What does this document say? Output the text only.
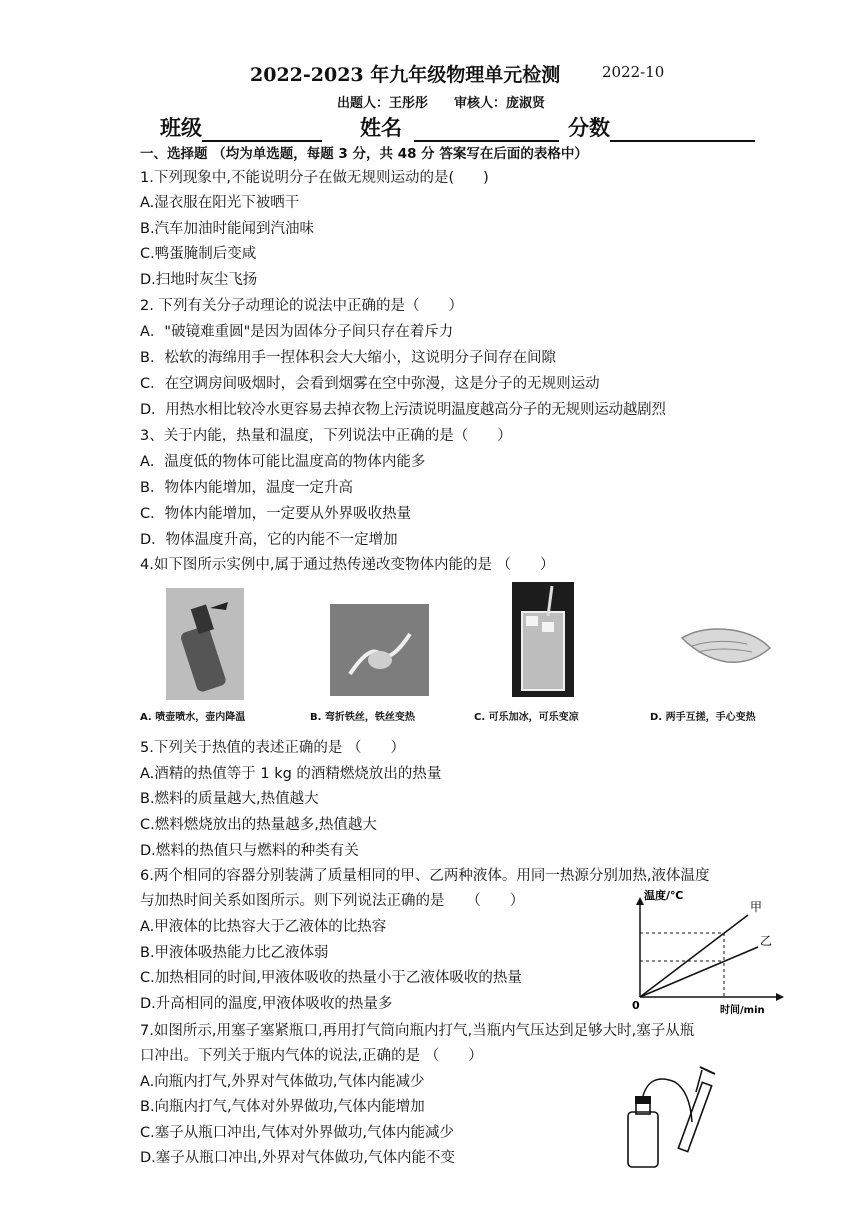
2022-2023 年九年级物理单元检测	2022-10
出题人：王彤彤　　审核人：庞淑贤
班级	姓名	分数
一、选择题 （均为单选题，每题 3 分，共 48 分 答案写在后面的表格中）
1.下列现象中,不能说明分子在做无规则运动的是(　　)
A.湿衣服在阳光下被晒干
B.汽车加油时能闻到汽油味
C.鸭蛋腌制后变咸
D.扫地时灰尘飞扬
2. 下列有关分子动理论的说法中正确的是（　　）
A．"破镜难重圆"是因为固体分子间只存在着斥力
B．松软的海绵用手一捏体积会大大缩小，这说明分子间存在间隙
C．在空调房间吸烟时，会看到烟雾在空中弥漫，这是分子的无规则运动
D．用热水相比较冷水更容易去掉衣物上污渍说明温度越高分子的无规则运动越剧烈
3、关于内能，热量和温度，下列说法中正确的是（　　）
A．温度低的物体可能比温度高的物体内能多
B．物体内能增加，温度一定升高
C．物体内能增加，一定要从外界吸收热量
D．物体温度升高，它的内能不一定增加
4.如下图所示实例中,属于通过热传递改变物体内能的是 （　　）
A. 喷壶喷水，壶内降温	B. 弯折铁丝，铁丝变热	C. 可乐加冰，可乐变凉	D. 两手互搓，手心变热
5.下列关于热值的表述正确的是 （　　）
A.酒精的热值等于 1 kg 的酒精燃烧放出的热量
B.燃料的质量越大,热值越大
C.燃料燃烧放出的热量越多,热值越大
D.燃料的热值只与燃料的种类有关
6.两个相同的容器分别装满了质量相同的甲、乙两种液体。用同一热源分别加热,液体温度
与加热时间关系如图所示。则下列说法正确的是　　（　　）
A.甲液体的比热容大于乙液体的比热容
B.甲液体吸热能力比乙液体弱
C.加热相同的时间,甲液体吸收的热量小于乙液体吸收的热量
D.升高相同的温度,甲液体吸收的热量多
温度/℃
时间/min
0
甲
乙
7.如图所示,用塞子塞紧瓶口,再用打气筒向瓶内打气,当瓶内气压达到足够大时,塞子从瓶
口冲出。下列关于瓶内气体的说法,正确的是 （　　）
A.向瓶内打气,外界对气体做功,气体内能减少
B.向瓶内打气,气体对外界做功,气体内能增加
C.塞子从瓶口冲出,气体对外界做功,气体内能减少
D.塞子从瓶口冲出,外界对气体做功,气体内能不变
